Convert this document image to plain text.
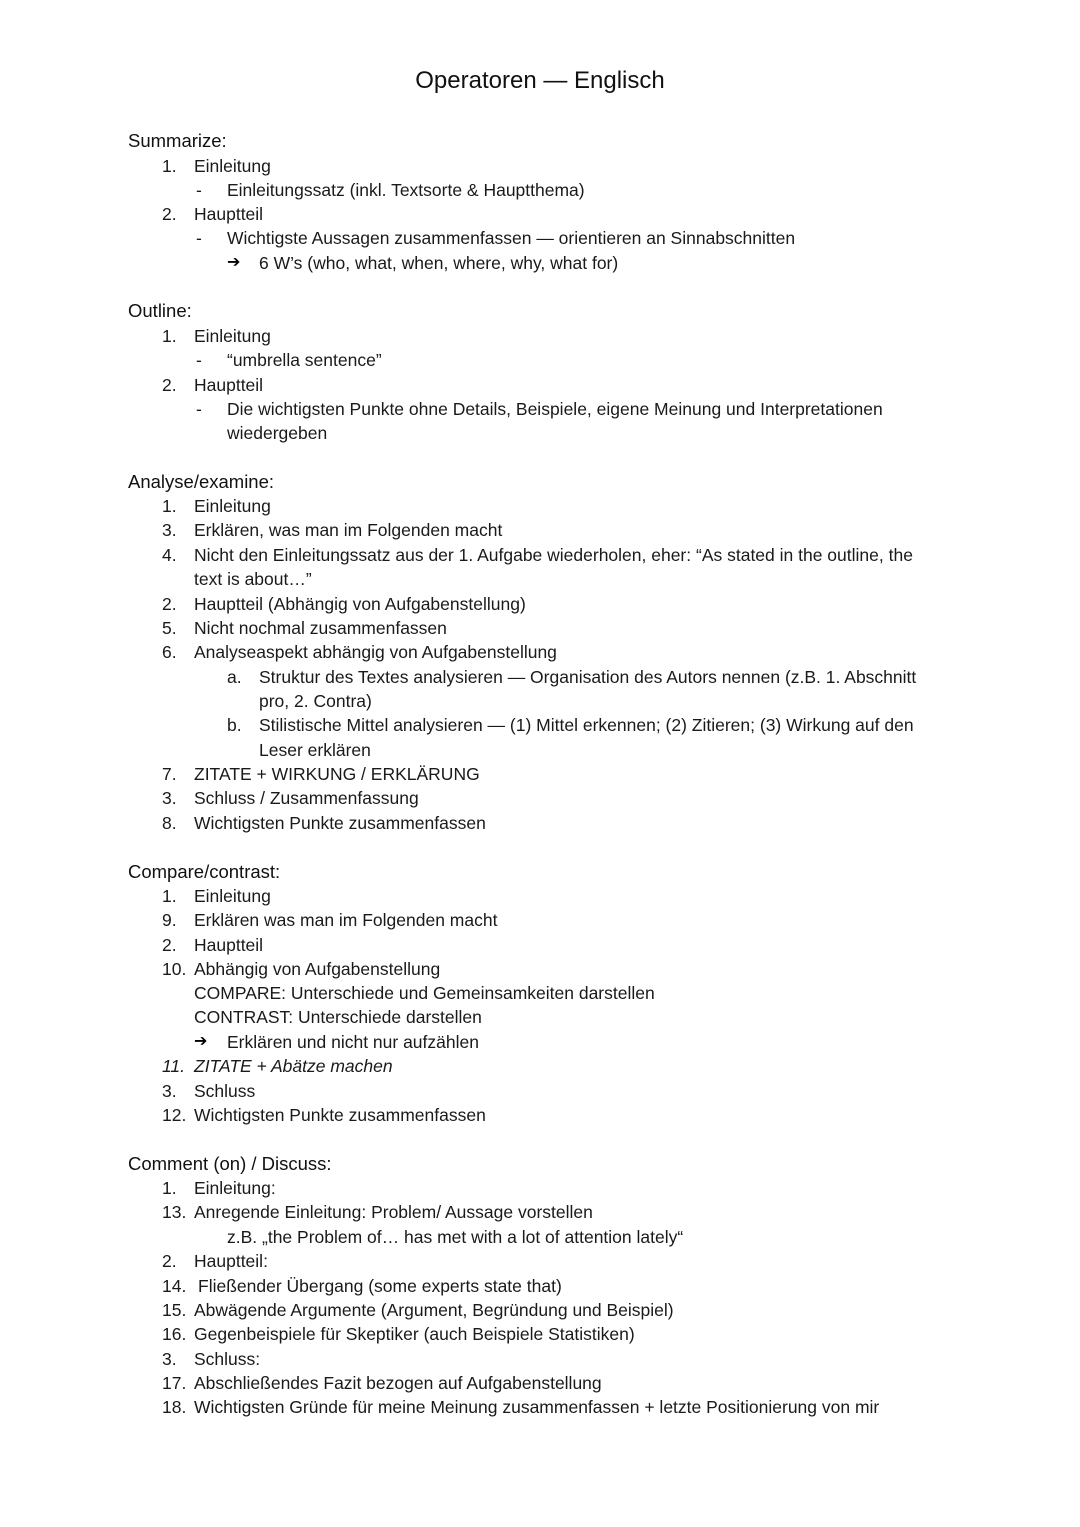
Operatoren — Englisch
Summarize:
1. Einleitung
- Einleitungssatz (inkl. Textsorte & Hauptthema)
2. Hauptteil
- Wichtigste Aussagen zusammenfassen — orientieren an Sinnabschnitten
➔ 6 W’s (who, what, when, where, why, what for)
Outline:
1. Einleitung
- “umbrella sentence”
2. Hauptteil
- Die wichtigsten Punkte ohne Details, Beispiele, eigene Meinung und Interpretationen
wiedergeben
Analyse/examine:
1. Einleitung
3. Erklären, was man im Folgenden macht
4. Nicht den Einleitungssatz aus der 1. Aufgabe wiederholen, eher: “As stated in the outline, the
text is about…”
2. Hauptteil (Abhängig von Aufgabenstellung)
5. Nicht nochmal zusammenfassen
6. Analyseaspekt abhängig von Aufgabenstellung
a. Struktur des Textes analysieren — Organisation des Autors nennen (z.B. 1. Abschnitt
pro, 2. Contra)
b. Stilistische Mittel analysieren — (1) Mittel erkennen; (2) Zitieren; (3) Wirkung auf den
Leser erklären
7. ZITATE + WIRKUNG / ERKLÄRUNG
3. Schluss / Zusammenfassung
8. Wichtigsten Punkte zusammenfassen
Compare/contrast:
1. Einleitung
9. Erklären was man im Folgenden macht
2. Hauptteil
10. Abhängig von Aufgabenstellung
COMPARE: Unterschiede und Gemeinsamkeiten darstellen
CONTRAST: Unterschiede darstellen
➔ Erklären und nicht nur aufzählen
11. ZITATE + Abätze machen
3. Schluss
12. Wichtigsten Punkte zusammenfassen
Comment (on) / Discuss:
1. Einleitung:
13. Anregende Einleitung: Problem/ Aussage vorstellen
z.B. „the Problem of… has met with a lot of attention lately“
2. Hauptteil:
14. Fließender Übergang (some experts state that)
15. Abwägende Argumente (Argument, Begründung und Beispiel)
16. Gegenbeispiele für Skeptiker (auch Beispiele Statistiken)
3. Schluss:
17. Abschließendes Fazit bezogen auf Aufgabenstellung
18. Wichtigsten Gründe für meine Meinung zusammenfassen + letzte Positionierung von mir
